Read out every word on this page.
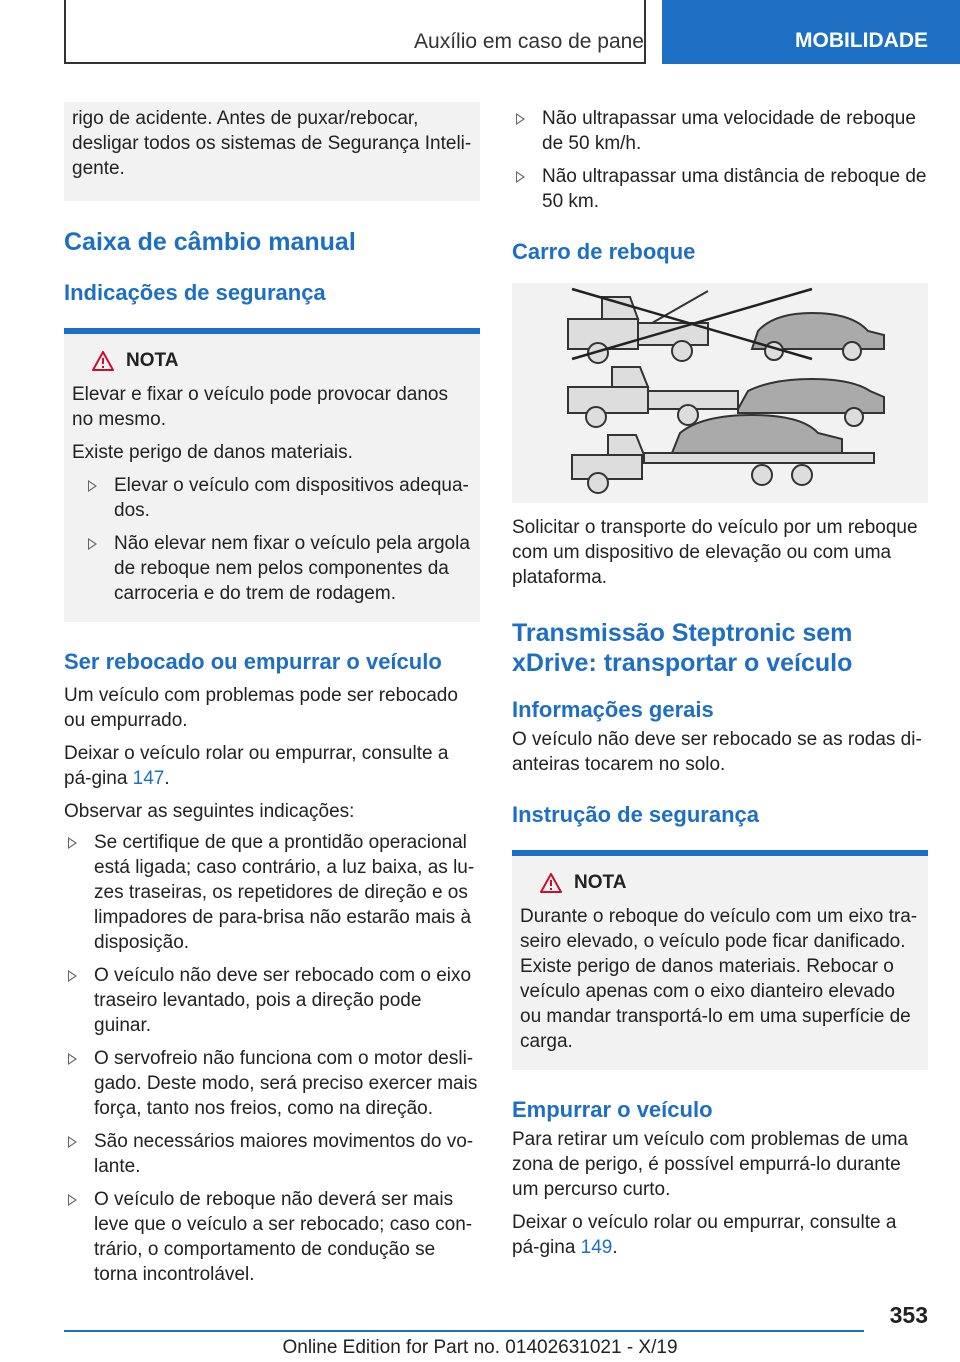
Auxílio em caso de pane	MOBILIDADE

rigo de acidente. Antes de puxar/rebocar, desligar todos os sistemas de Segurança Inteli-gente.

Caixa de câmbio manual
Indicações de segurança
NOTA

Elevar e fixar o veículo pode provocar danos no mesmo.

Existe perigo de danos materiais.

Elevar o veículo com dispositivos adequa-dos.
Não elevar nem fixar o veículo pela argola de reboque nem pelos componentes da carroceria e do trem de rodagem.
Ser rebocado ou empurrar o veículo

Um veículo com problemas pode ser rebocado ou empurrado.

Deixar o veículo rolar ou empurrar, consulte a pá-gina 147.

Observar as seguintes indicações:

Se certifique de que a prontidão operacional está ligada; caso contrário, a luz baixa, as lu-zes traseiras, os repetidores de direção e os limpadores de para-brisa não estarão mais à disposição.
O veículo não deve ser rebocado com o eixo traseiro levantado, pois a direção pode guinar.
O servofreio não funciona com o motor desli-gado. Deste modo, será preciso exercer mais força, tanto nos freios, como na direção.
São necessários maiores movimentos do vo-lante.
O veículo de reboque não deverá ser mais leve que o veículo a ser rebocado; caso con-trário, o comportamento de condução se torna incontrolável.
Não ultrapassar uma velocidade de reboque de 50 km/h.
Não ultrapassar uma distância de reboque de 50 km.
Carro de reboque

Solicitar o transporte do veículo por um reboque com um dispositivo de elevação ou com uma plataforma.

Transmissão Steptronic sem xDrive: transportar o veículo
Informações gerais

O veículo não deve ser rebocado se as rodas di-anteiras tocarem no solo.

Instrução de segurança
NOTA

Durante o reboque do veículo com um eixo tra-seiro elevado, o veículo pode ficar danificado. Existe perigo de danos materiais. Rebocar o veículo apenas com o eixo dianteiro elevado ou mandar transportá-lo em uma superfície de carga.

Empurrar o veículo

Para retirar um veículo com problemas de uma zona de perigo, é possível empurrá-lo durante um percurso curto.

Deixar o veículo rolar ou empurrar, consulte a pá-gina 149.

353
Online Edition for Part no. 01402631021 - X/19
